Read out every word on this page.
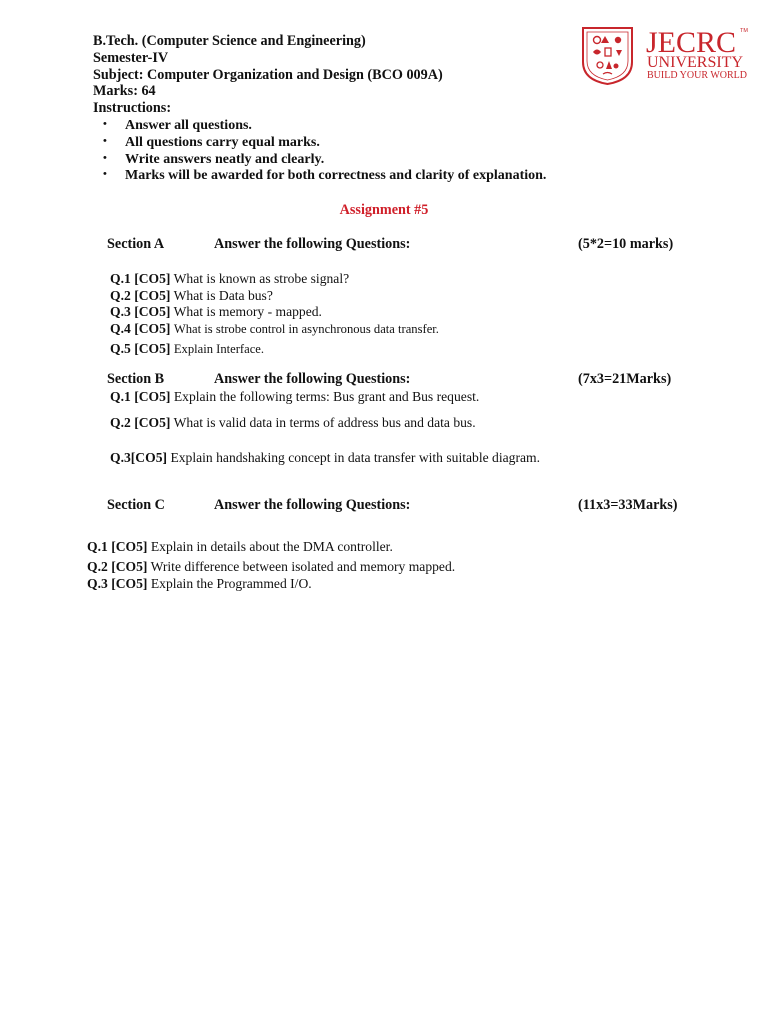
JECRC TM
UNIVERSITY
BUILD YOUR WORLD
B.Tech. (Computer Science and Engineering)
Semester-IV
Subject: Computer Organization and Design (BCO 009A)
Marks: 64
Instructions:
• Answer all questions.
• All questions carry equal marks.
• Write answers neatly and clearly.
• Marks will be awarded for both correctness and clarity of explanation.
Assignment #5
Section A	Answer the following Questions:	(5*2=10 marks)
Q.1 [CO5] What is known as strobe signal?
Q.2 [CO5] What is Data bus?
Q.3 [CO5] What is memory - mapped.
Q.4 [CO5] What is strobe control in asynchronous data transfer.
Q.5 [CO5] Explain Interface.
Section B	Answer the following Questions:	(7x3=21Marks)
Q.1 [CO5] Explain the following terms: Bus grant and Bus request.
Q.2 [CO5] What is valid data in terms of address bus and data bus.
Q.3[CO5] Explain handshaking concept in data transfer with suitable diagram.
Section C	Answer the following Questions:	(11x3=33Marks)
Q.1 [CO5] Explain in details about the DMA controller.
Q.2 [CO5] Write difference between isolated and memory mapped.
Q.3 [CO5] Explain the Programmed I/O.
